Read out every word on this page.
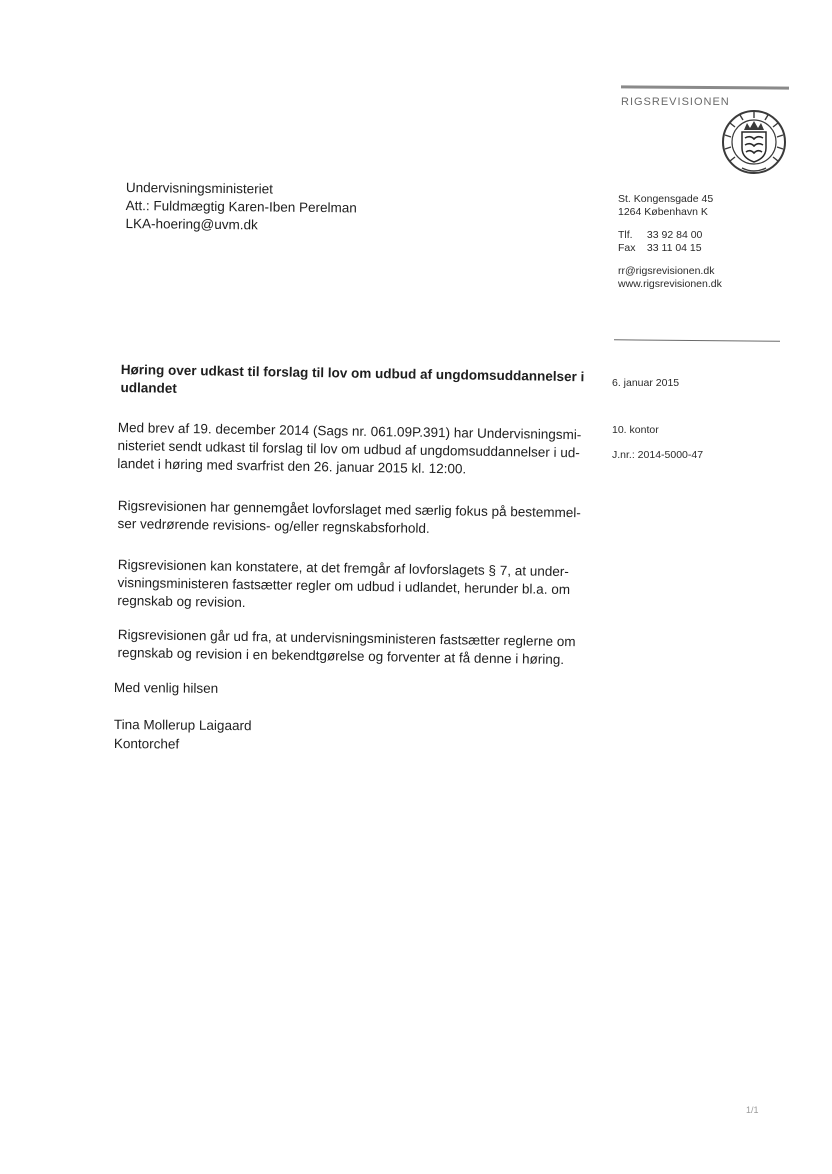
RIGSREVISIONEN
St. Kongensgade 45
1264 København K
Tlf. 33 92 84 00
Fax 33 11 04 15
rr@rigsrevisionen.dk
www.rigsrevisionen.dk
6. januar 2015
10. kontor
J.nr.: 2014-5000-47
Undervisningsministeriet
Att.: Fuldmægtig Karen-Iben Perelman
LKA-hoering@uvm.dk
Høring over udkast til forslag til lov om udbud af ungdomsuddannelser i
udlandet
Med brev af 19. december 2014 (Sags nr. 061.09P.391) har Undervisningsmi-
nisteriet sendt udkast til forslag til lov om udbud af ungdomsuddannelser i ud-
landet i høring med svarfrist den 26. januar 2015 kl. 12:00.
Rigsrevisionen har gennemgået lovforslaget med særlig fokus på bestemmel-
ser vedrørende revisions- og/eller regnskabsforhold.
Rigsrevisionen kan konstatere, at det fremgår af lovforslagets § 7, at under-
visningsministeren fastsætter regler om udbud i udlandet, herunder bl.a. om
regnskab og revision.
Rigsrevisionen går ud fra, at undervisningsministeren fastsætter reglerne om
regnskab og revision i en bekendtgørelse og forventer at få denne i høring.
Med venlig hilsen
Tina Mollerup Laigaard
Kontorchef
1/1
